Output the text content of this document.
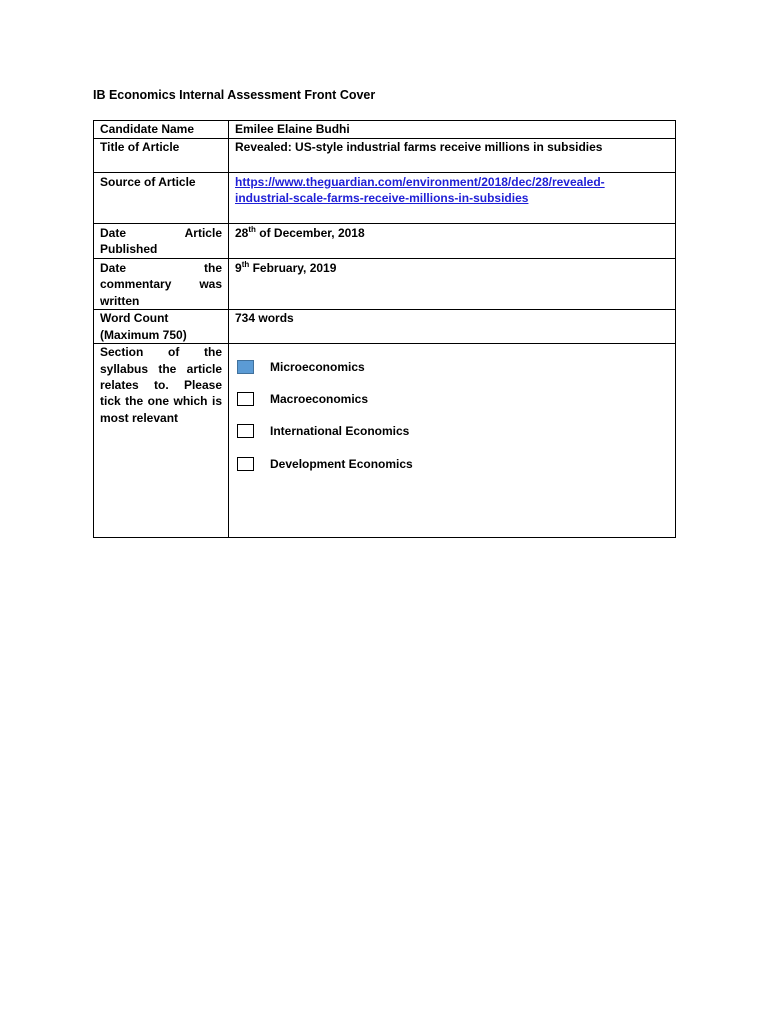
IB Economics Internal Assessment Front Cover
Candidate Name	Emilee Elaine Budhi
Title of Article	Revealed: US-style industrial farms receive millions in subsidies
Source of Article	https://www.theguardian.com/environment/2018/dec/28/revealed-
industrial-scale-farms-receive-millions-in-subsidies

Date Article
Published	28th of December, 2018

Date the
commentary was
written	9th February, 2019

Word Count
(Maximum 750)	734 words
Section of the syllabus the article relates to. Please tick the one which is most relevant	Microeconomics
Macroeconomics
International Economics
Development Economics
